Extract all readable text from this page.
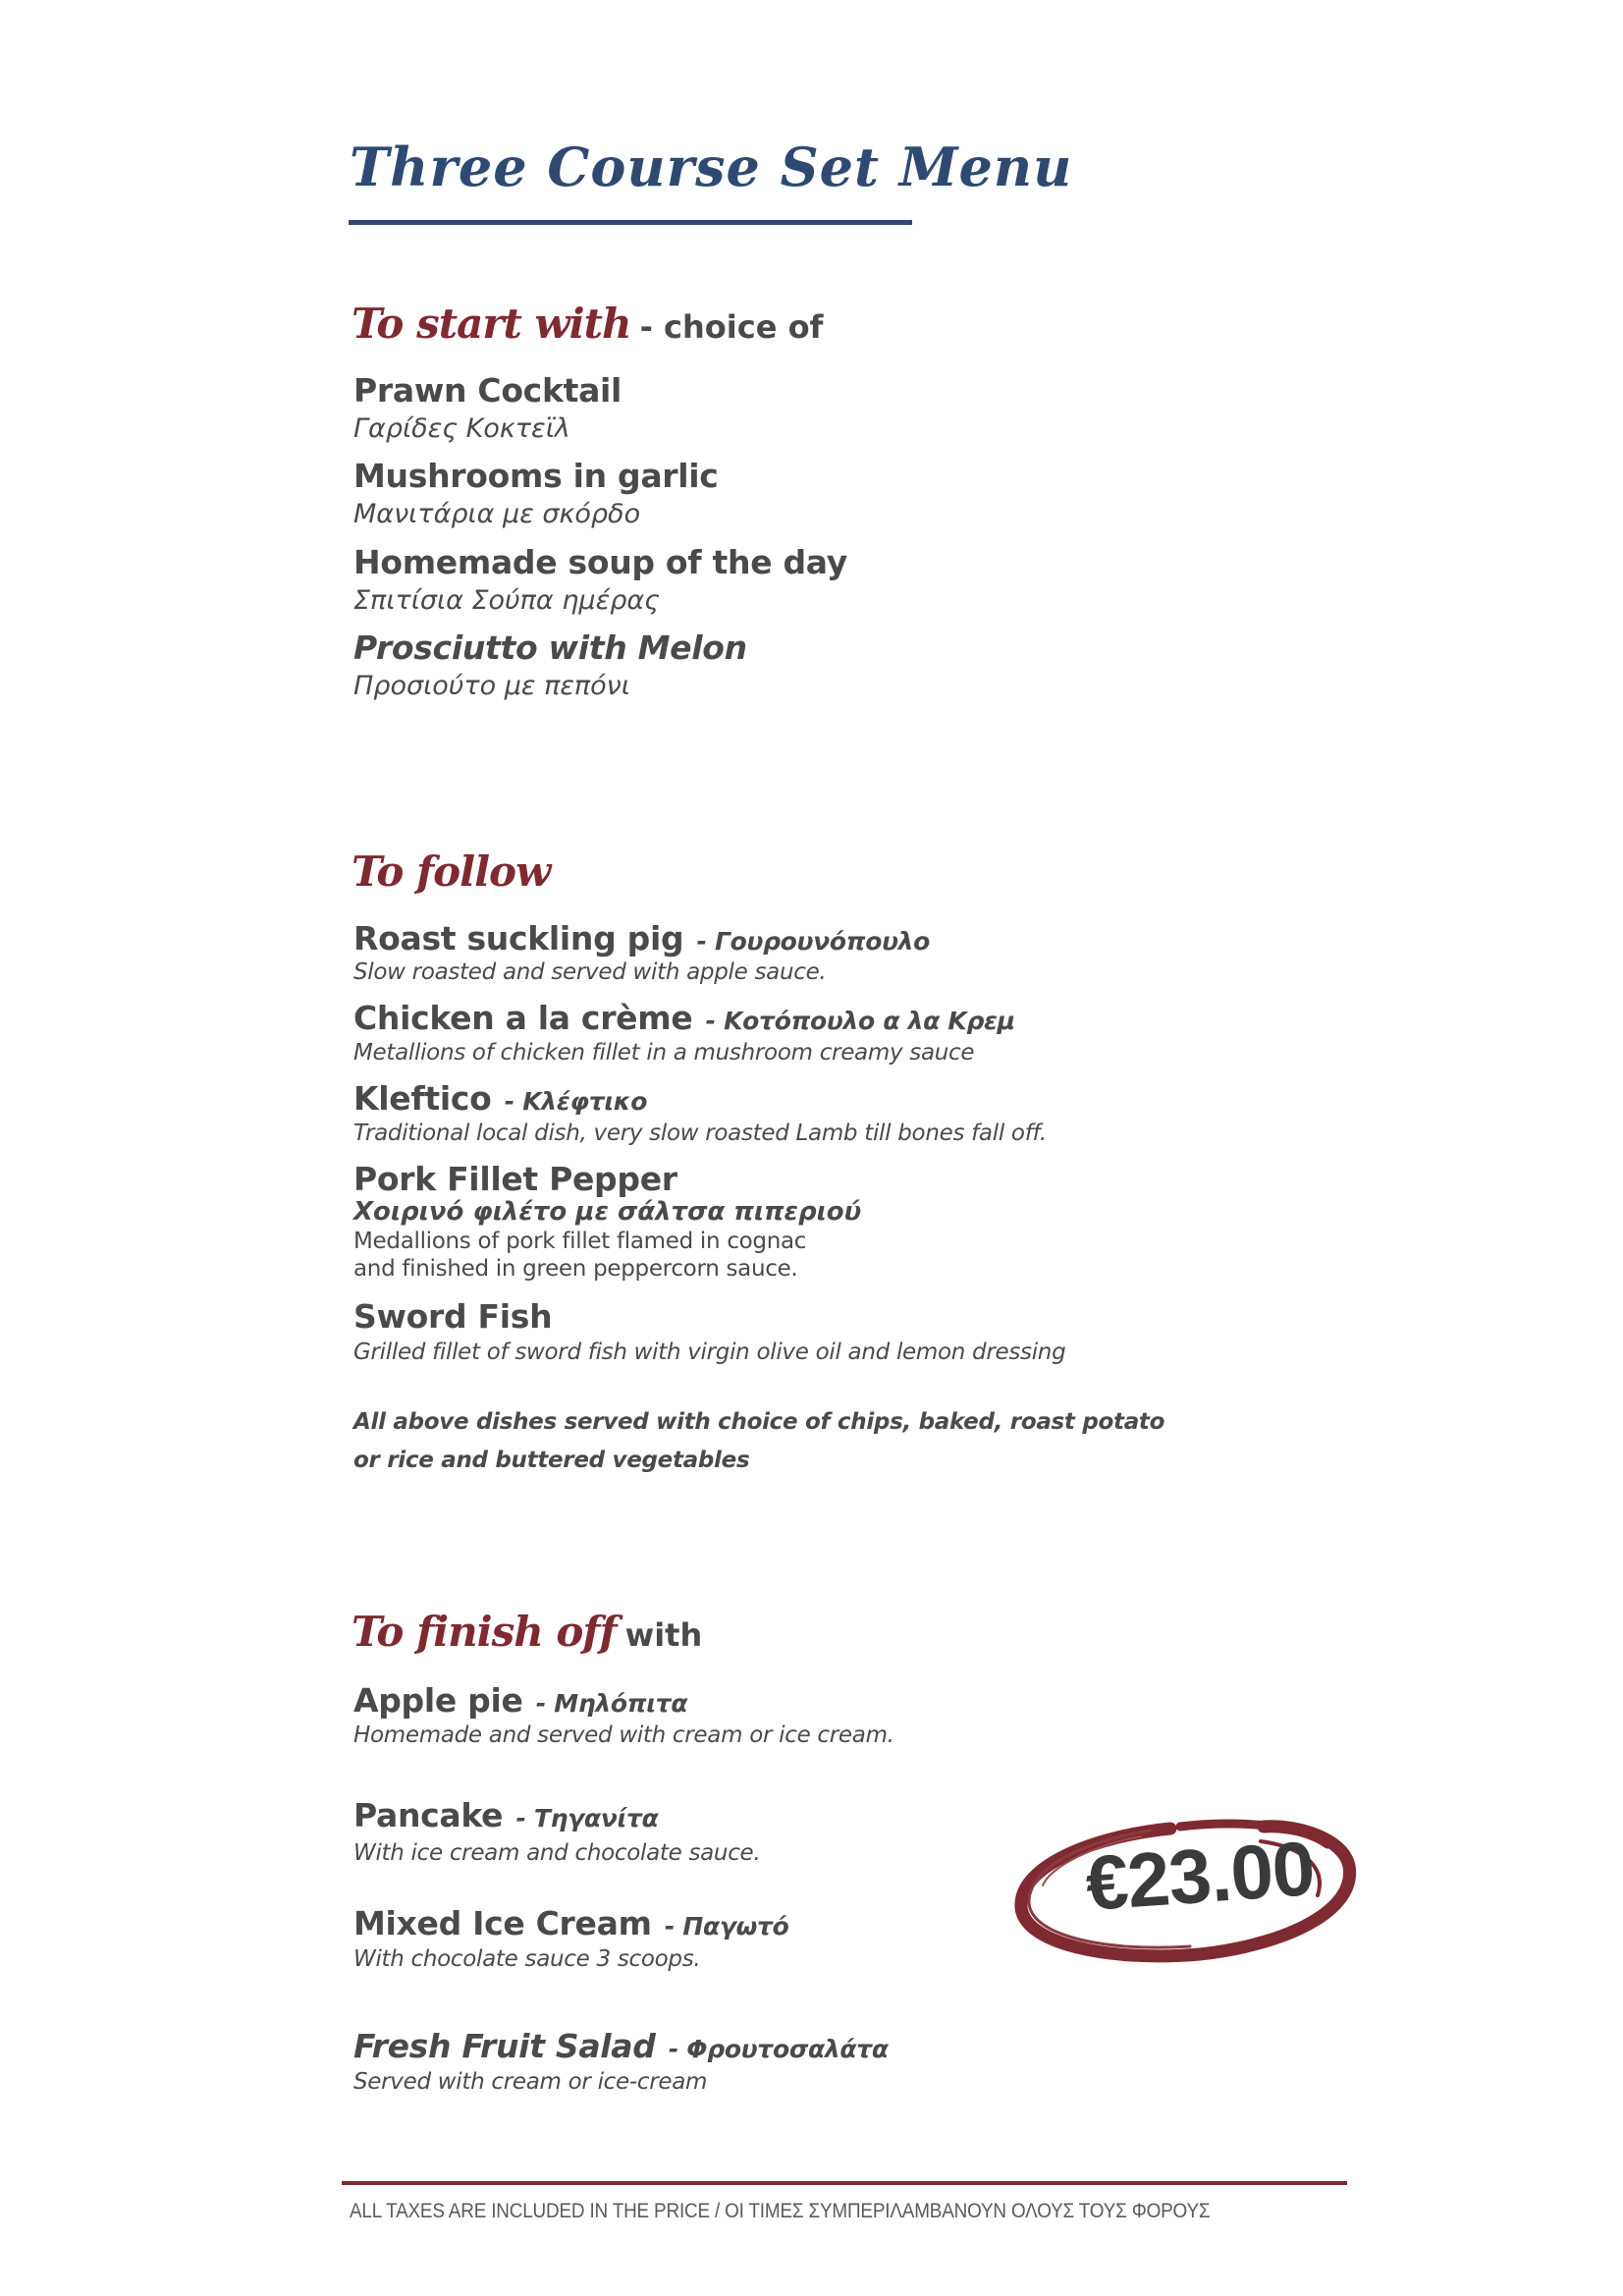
Three Course Set Menu
To start with - choice of
Prawn Cocktail
Γαρίδες Κοκτεϊλ
Mushrooms in garlic
Μανιτάρια με σκόρδο
Homemade soup of the day
Σπιτίσια Σούπα ημέρας
Prosciutto with Melon
Προσιούτο με πεπόνι
To follow
Roast suckling pig - Γουρουνόπουλο
Slow roasted and served with apple sauce.
Chicken a la crème - Κοτόπουλο α λα Κρεμ
Metallions of chicken fillet in a mushroom creamy sauce
Kleftico - Κλέφτικο
Traditional local dish, very slow roasted Lamb till bones fall off.
Pork Fillet Pepper
Χοιρινό φιλέτο με σάλτσα πιπεριού
Medallions of pork fillet flamed in cognac
and finished in green peppercorn sauce.
Sword Fish
Grilled fillet of sword fish with virgin olive oil and lemon dressing
All above dishes served with choice of chips, baked, roast potato
or rice and buttered vegetables
To finish off with
Apple pie - Μηλόπιτα
Homemade and served with cream or ice cream.
Pancake - Τηγανίτα
With ice cream and chocolate sauce.
Mixed Ice Cream - Παγωτό
With chocolate sauce 3 scoops.
Fresh Fruit Salad - Φρουτοσαλάτα
Served with cream or ice-cream
€23.00
ALL TAXES ARE INCLUDED IN THE PRICE / ΟΙ ΤΙΜΕΣ ΣΥΜΠΕΡΙΛΑΜΒΑΝΟΥΝ ΟΛΟΥΣ ΤΟΥΣ ΦΟΡΟΥΣ
